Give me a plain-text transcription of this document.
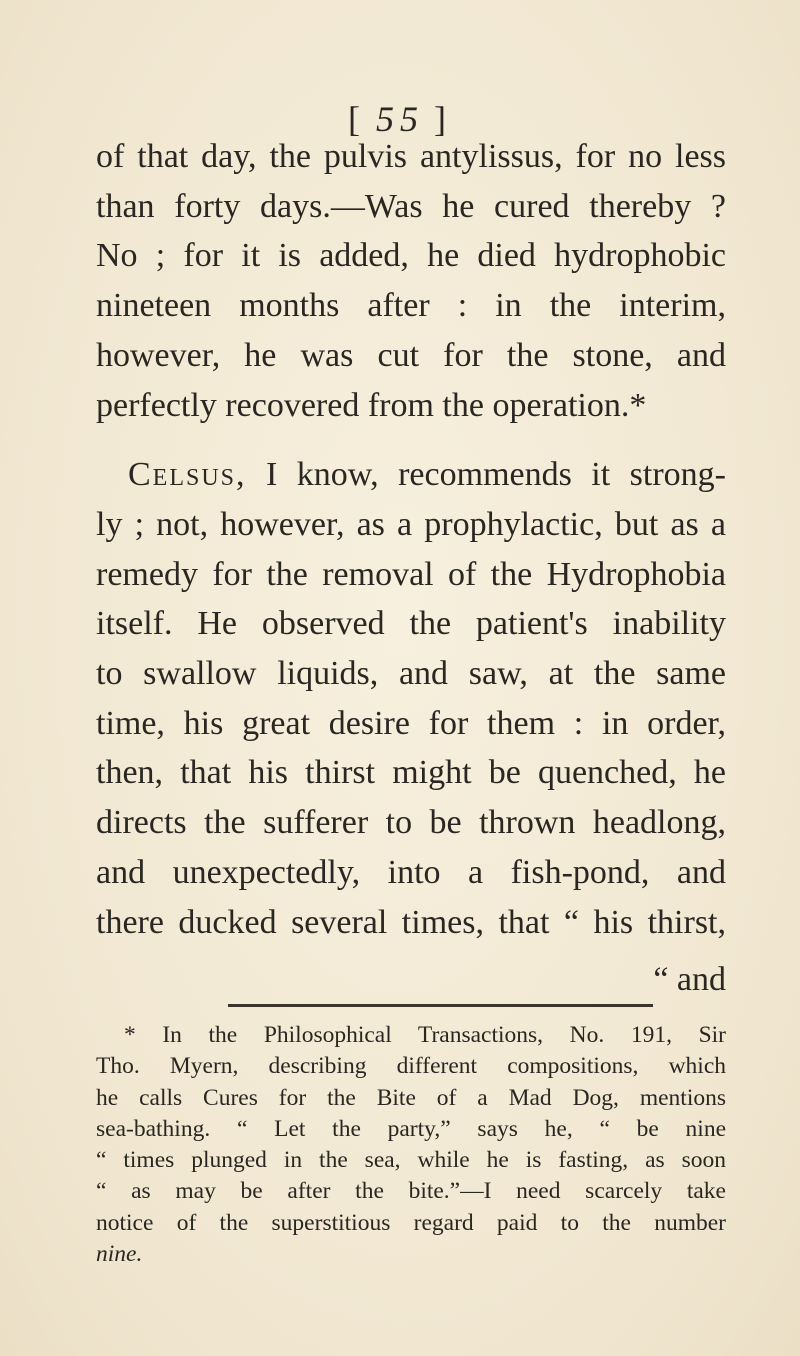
[ 55 ]
of that day, the pulvis antylissus, for no less
than forty days.—Was he cured thereby ?
No ; for it is added, he died hydrophobic
nineteen months after : in the interim,
however, he was cut for the stone, and
perfectly recovered from the operation.*
Celsus, I know, recommends it strong-
ly ; not, however, as a prophylactic, but as a
remedy for the removal of the Hydrophobia
itself. He observed the patient's inability
to swallow liquids, and saw, at the same
time, his great desire for them : in order,
then, that his thirst might be quenched, he
directs the sufferer to be thrown headlong,
and unexpectedly, into a fish-pond, and
there ducked several times, that “ his thirst,
“ and
* In the Philosophical Transactions, No. 191, Sir
Tho. Myern, describing different compositions, which
he calls Cures for the Bite of a Mad Dog, mentions
sea-bathing. “ Let the party,” says he, “ be nine
“ times plunged in the sea, while he is fasting, as soon
“ as may be after the bite.”—I need scarcely take
notice of the superstitious regard paid to the number
nine.
